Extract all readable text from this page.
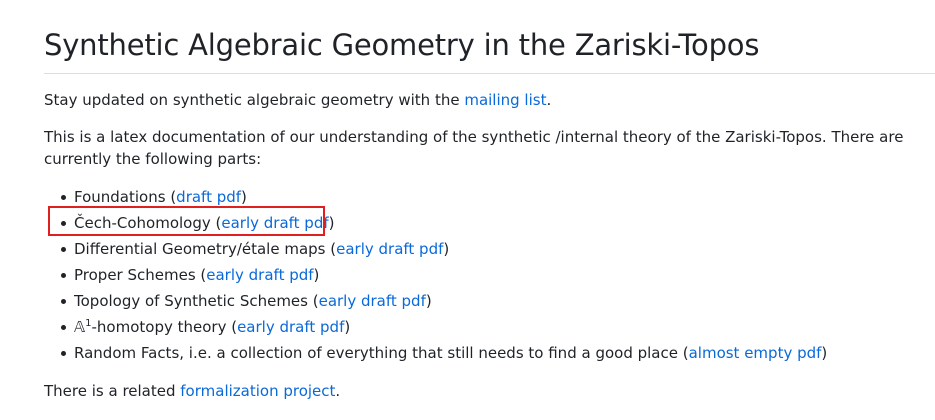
Synthetic Algebraic Geometry in the Zariski-Topos

Stay updated on synthetic algebraic geometry with the mailing list.

This is a latex documentation of our understanding of the synthetic /internal theory of the Zariski-Topos. There are currently the following parts:

Foundations (draft pdf)
Čech-Cohomology (early draft pdf)
Differential Geometry/étale maps (early draft pdf)
Proper Schemes (early draft pdf)
Topology of Synthetic Schemes (early draft pdf)
𝔸$^1$-homotopy theory (early draft pdf)
Random Facts, i.e. a collection of everything that still needs to find a good place (almost empty pdf)

There is a related formalization project.
